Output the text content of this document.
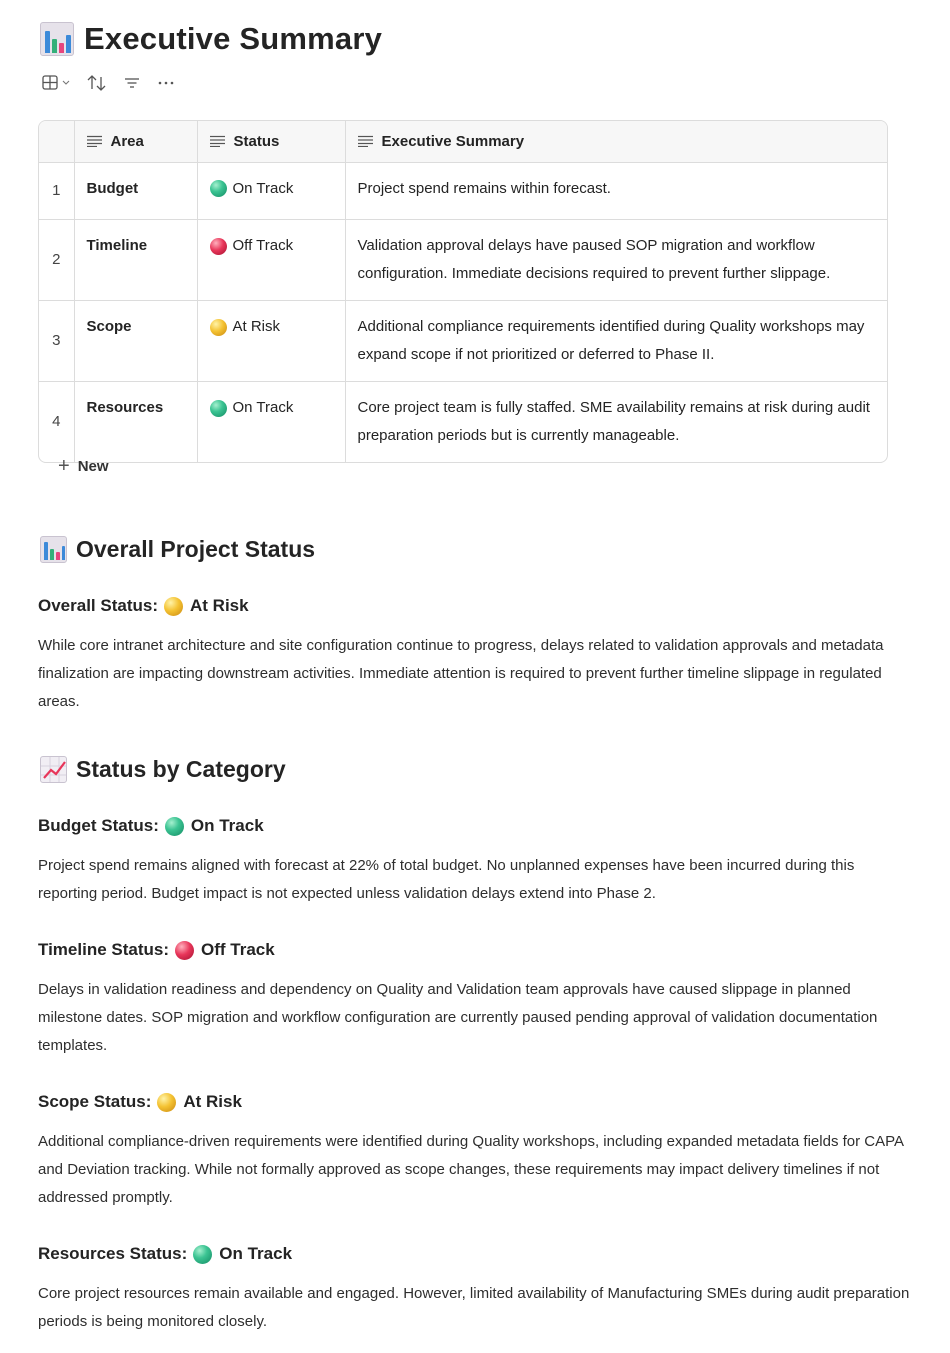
Executive Summary

	Area	Status	Executive Summary

1	Budget	On Track	Project spend remains within forecast.
2	Timeline	Off Track	Validation approval delays have paused SOP migration and workflow configuration. Immediate decisions required to prevent further slippage.
3	Scope	At Risk	Additional compliance requirements identified during Quality workshops may expand scope if not prioritized or deferred to Phase II.
4	Resources	On Track	Core project team is fully staffed. SME availability remains at risk during audit preparation periods but is currently manageable.
+ New
Overall Project Status
Overall Status: At Risk
While core intranet architecture and site configuration continue to progress, delays related to validation approvals and metadata finalization are impacting downstream activities. Immediate attention is required to prevent further timeline slippage in regulated areas.
Status by Category
Budget Status: On Track
Project spend remains aligned with forecast at 22% of total budget. No unplanned expenses have been incurred during this reporting period. Budget impact is not expected unless validation delays extend into Phase 2.
Timeline Status: Off Track
Delays in validation readiness and dependency on Quality and Validation team approvals have caused slippage in planned milestone dates. SOP migration and workflow configuration are currently paused pending approval of validation documentation templates.
Scope Status: At Risk
Additional compliance-driven requirements were identified during Quality workshops, including expanded metadata fields for CAPA and Deviation tracking. While not formally approved as scope changes, these requirements may impact delivery timelines if not addressed promptly.
Resources Status: On Track
Core project resources remain available and engaged. However, limited availability of Manufacturing SMEs during audit preparation periods is being monitored closely.
